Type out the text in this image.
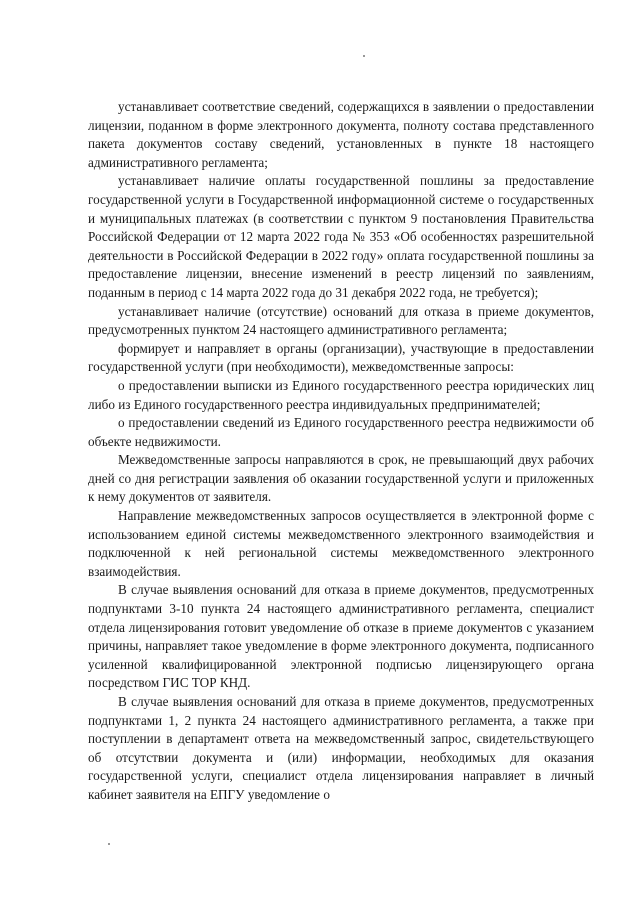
устанавливает соответствие сведений, содержащихся в заявлении о предоставлении лицензии, поданном в форме электронного документа, полноту состава представленного пакета документов составу сведений, установленных в пункте 18 настоящего административного регламента;

устанавливает наличие оплаты государственной пошлины за предоставление государственной услуги в Государственной информационной системе о государственных и муниципальных платежах (в соответствии с пунктом 9 постановления Правительства Российской Федерации от 12 марта 2022 года № 353 «Об особенностях разрешительной деятельности в Российской Федерации в 2022 году» оплата государственной пошлины за предоставление лицензии, внесение изменений в реестр лицензий по заявлениям, поданным в период с 14 марта 2022 года до 31 декабря 2022 года, не требуется);

устанавливает наличие (отсутствие) оснований для отказа в приеме документов, предусмотренных пунктом 24 настоящего административного регламента;

формирует и направляет в органы (организации), участвующие в предоставлении государственной услуги (при необходимости), межведомственные запросы:

о предоставлении выписки из Единого государственного реестра юридических лиц либо из Единого государственного реестра индивидуальных предпринимателей;

о предоставлении сведений из Единого государственного реестра недвижимости об объекте недвижимости.

Межведомственные запросы направляются в срок, не превышающий двух рабочих дней со дня регистрации заявления об оказании государственной услуги и приложенных к нему документов от заявителя.

Направление межведомственных запросов осуществляется в электронной форме с использованием единой системы межведомственного электронного взаимодействия и подключенной к ней региональной системы межведомственного электронного взаимодействия.

В случае выявления оснований для отказа в приеме документов, предусмотренных подпунктами 3-10 пункта 24 настоящего административного регламента, специалист отдела лицензирования готовит уведомление об отказе в приеме документов с указанием причины, направляет такое уведомление в форме электронного документа, подписанного усиленной квалифицированной электронной подписью лицензирующего органа посредством ГИС ТОР КНД.

В случае выявления оснований для отказа в приеме документов, предусмотренных подпунктами 1, 2 пункта 24 настоящего административного регламента, а также при поступлении в департамент ответа на межведомственный запрос, свидетельствующего об отсутствии документа и (или) информации, необходимых для оказания государственной услуги, специалист отдела лицензирования направляет в личный кабинет заявителя на ЕПГУ уведомление о
